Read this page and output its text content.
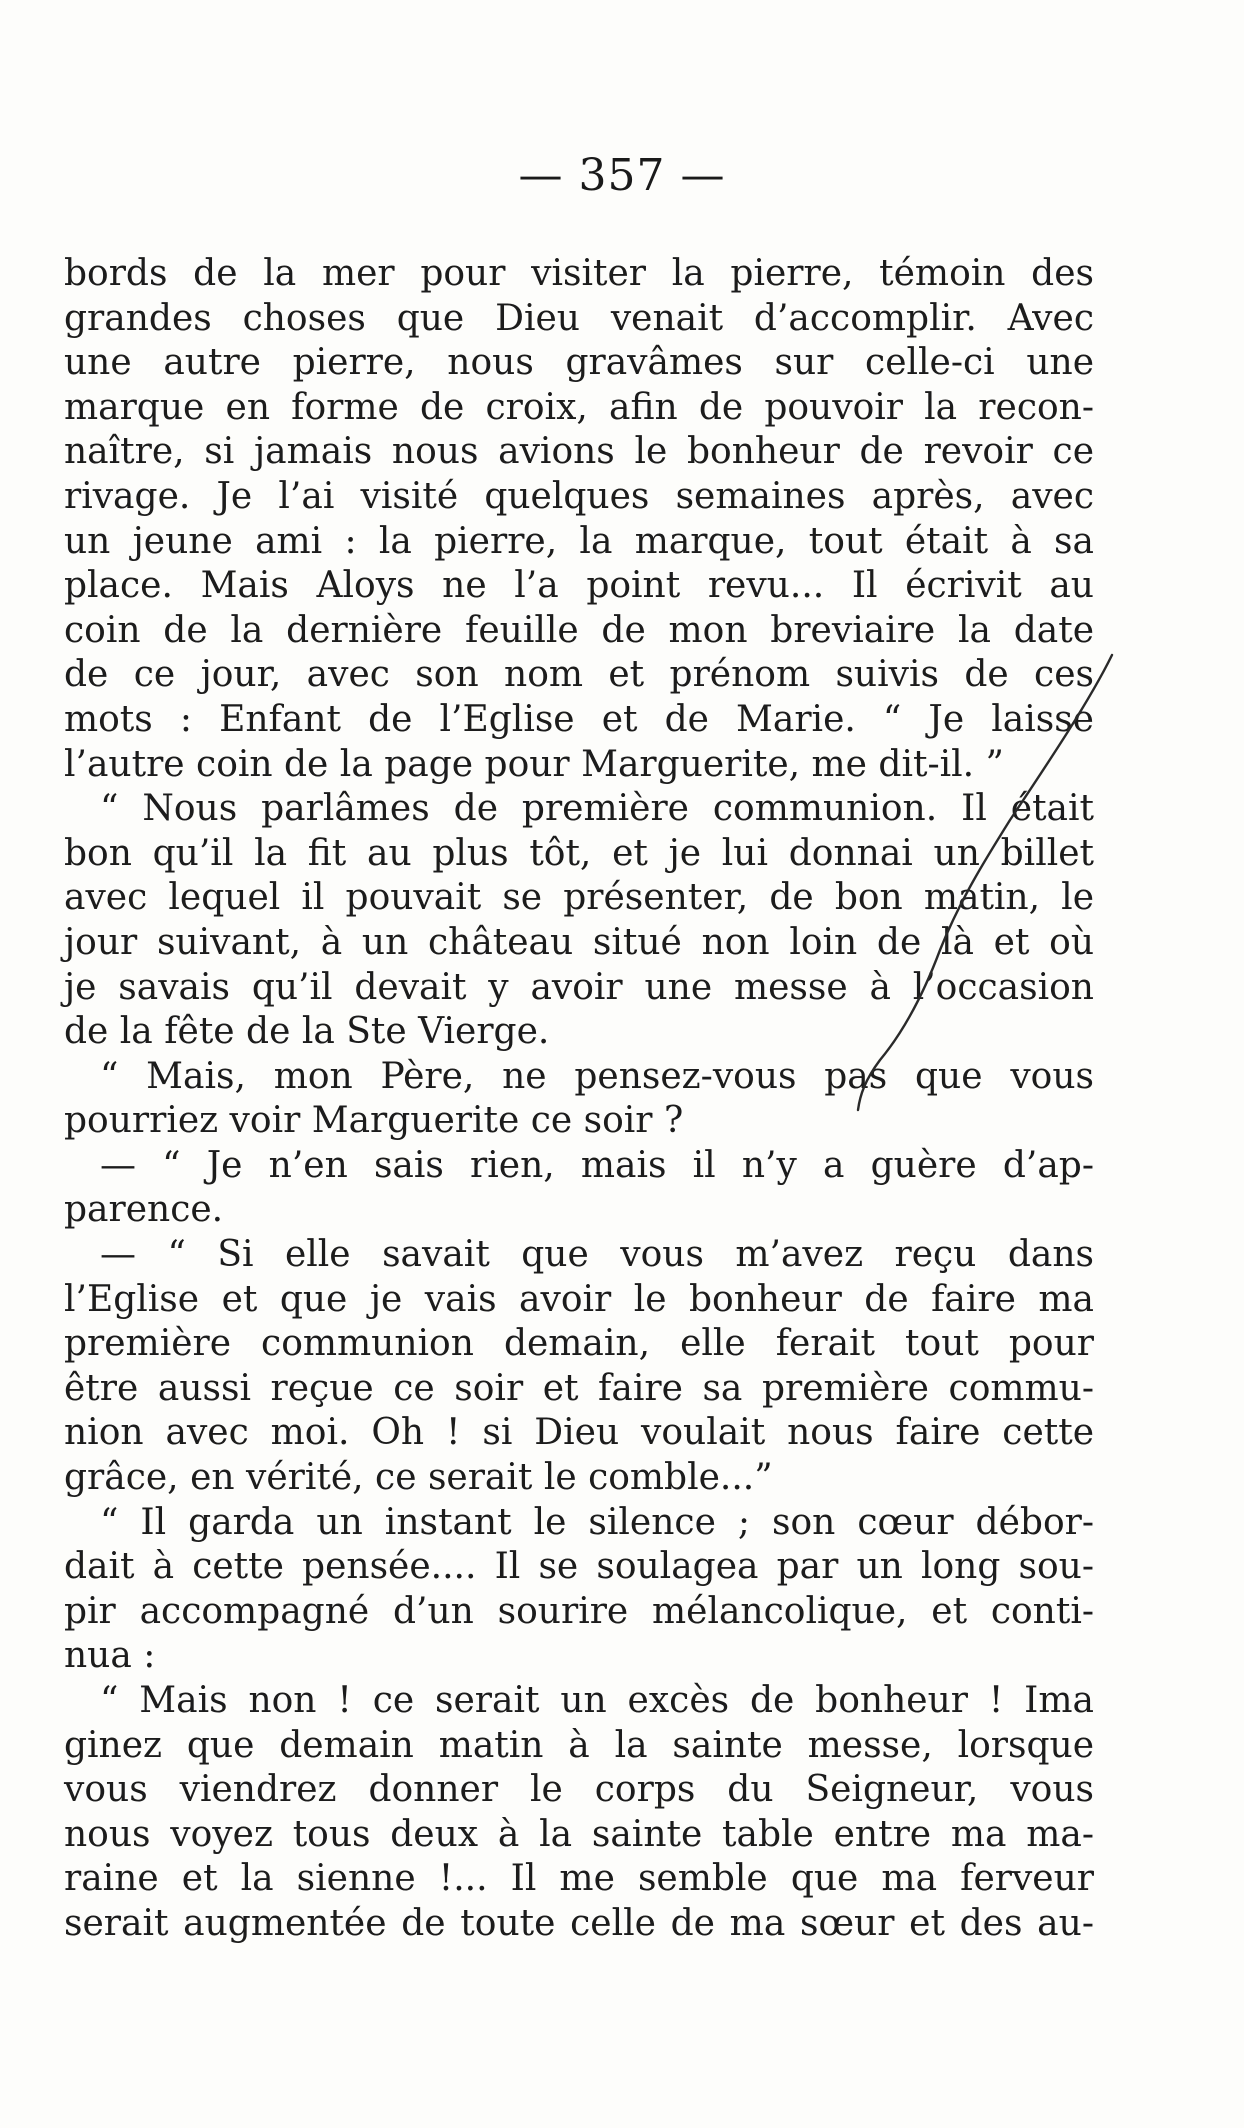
— 357 —
bords de la mer pour visiter la pierre, témoin des
grandes choses que Dieu venait d’accomplir. Avec
une autre pierre, nous gravâmes sur celle-ci une
marque en forme de croix, afin de pouvoir la recon-
naître, si jamais nous avions le bonheur de revoir ce
rivage. Je l’ai visité quelques semaines après, avec
un jeune ami : la pierre, la marque, tout était à sa
place. Mais Aloys ne l’a point revu... Il écrivit au
coin de la dernière feuille de mon breviaire la date
de ce jour, avec son nom et prénom suivis de ces
mots : Enfant de l’Eglise et de Marie. “ Je laisse
l’autre coin de la page pour Marguerite, me dit-il. ”
“ Nous parlâmes de première communion. Il était
bon qu’il la fit au plus tôt, et je lui donnai un billet
avec lequel il pouvait se présenter, de bon matin, le
jour suivant, à un château situé non loin de là et où
je savais qu’il devait y avoir une messe à l’occasion
de la fête de la Ste Vierge.
“ Mais, mon Père, ne pensez-vous pas que vous
pourriez voir Marguerite ce soir ?
— “ Je n’en sais rien, mais il n’y a guère d’ap-
parence.
— “ Si elle savait que vous m’avez reçu dans
l’Eglise et que je vais avoir le bonheur de faire ma
première communion demain, elle ferait tout pour
être aussi reçue ce soir et faire sa première commu-
nion avec moi. Oh ! si Dieu voulait nous faire cette
grâce, en vérité, ce serait le comble...”
“ Il garda un instant le silence ; son cœur débor-
dait à cette pensée.... Il se soulagea par un long sou-
pir accompagné d’un sourire mélancolique, et conti-
nua :
“ Mais non ! ce serait un excès de bonheur ! Ima
ginez que demain matin à la sainte messe, lorsque
vous viendrez donner le corps du Seigneur, vous
nous voyez tous deux à la sainte table entre ma ma-
raine et la sienne !... Il me semble que ma ferveur
serait augmentée de toute celle de ma sœur et des au-
